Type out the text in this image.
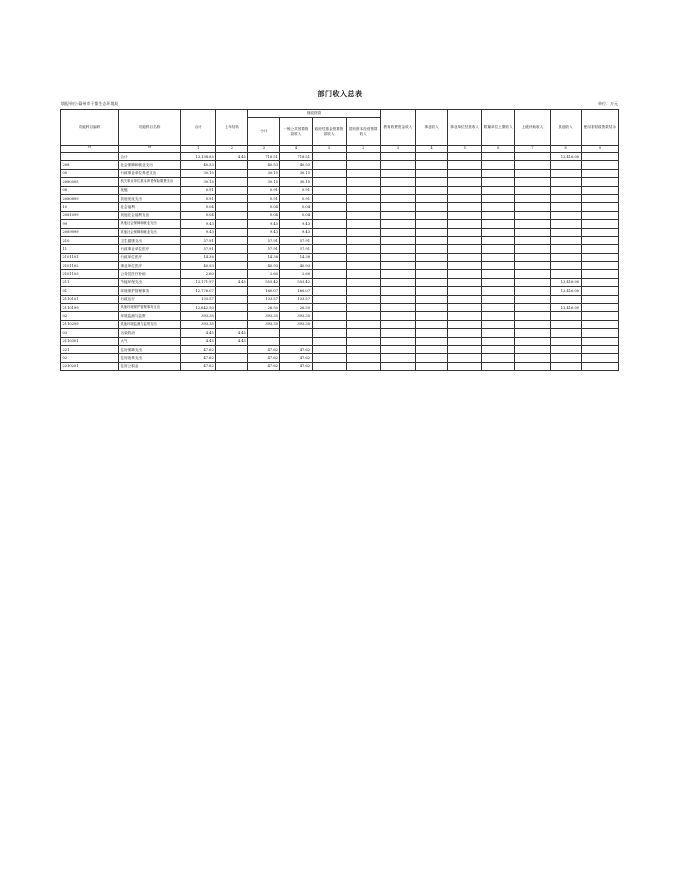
部门收入总表
填报单位:赣州市于都生态环境局	单位：万元
功能科目编码	功能科目名称	合计	上年结转	财政拨款				教育收费资金收入	事业收入	事业单位经营收入	附属单位上缴收入	上级补助收入	其他收入	使用非财政拨款结余
				小计	一般公共预算拨款收入	政府性基金预算拨款收入	国有资本经营预算收入							
**	**	1	2	3	4	5	2	3	4	5	6	7	8	9
	合计	13,138.85	4.45	718.51	718.51								12,416.00	
208	社会保障和就业支出	40.53		40.53	40.53									
05	行政事业单位养老支出	30.15		30.15	30.15									
2080505	机关事业单位基本养老保险缴费支出	30.15		30.15	30.15									
08	抚恤	0.91		0.91	0.91									
2080899	其他优抚支出	0.91		0.91	0.91									
10	社会福利	0.04		0.04	0.04									
2081099	其他社会福利支出	0.04		0.04	0.04									
99	其他社会保障和就业支出	9.43		9.43	9.43									
2089999	其他社会保障和就业支出	9.43		9.43	9.43									
210	卫生健康支出	57.91		57.91	57.91									
11	行政事业单位医疗	57.91		57.91	57.91									
2101101	行政单位医疗	14.38		14.38	14.38									
2101102	事业单位医疗	40.93		40.93	40.93									
2101103	公务员医疗补助	2.60		2.60	2.60									
211	节能环保支出	13,171.97	4.45	553.42	553.42								12,416.00	
01	环境保护管理事务	12,776.07		160.07	160.07								12,416.00	
2110101	行政运行	133.57		133.57	133.57									
2110199	其他环境保护管理事务支出	12,642.50		26.50	26.50								12,416.00	
02	环境监测与监察	393.35		393.35	393.35									
2110299	其他环境监测与监察支出	393.35		393.35	393.35									
03	污染防治	4.45	4.45											
2110301	大气	4.45	4.45											
221	住房保障支出	47.62		47.62	47.62									
02	住房改革支出	47.62		47.62	47.62									
2210201	住房公积金	47.62		47.62	47.62									
